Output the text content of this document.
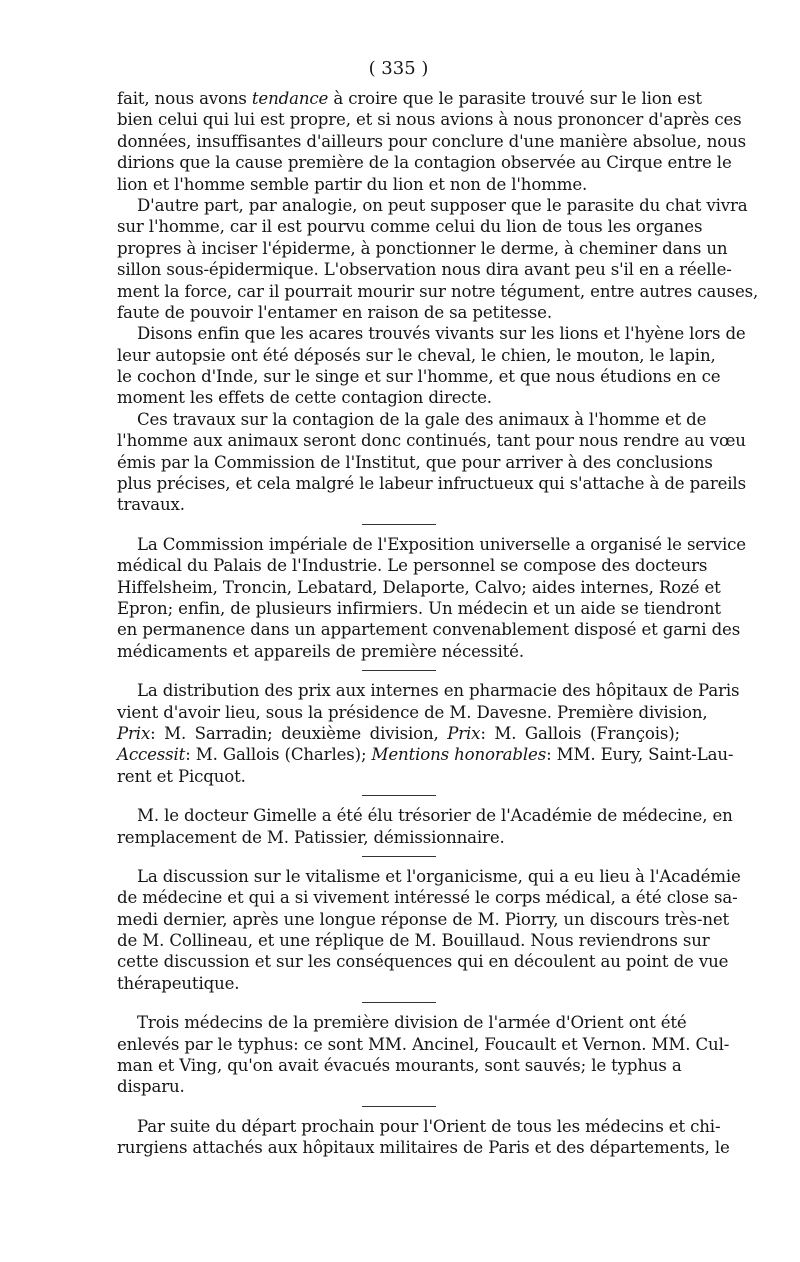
( 335 )
fait, nous avons tendance à croire que le parasite trouvé sur le lion est
bien celui qui lui est propre, et si nous avions à nous prononcer d'après ces
données, insuffisantes d'ailleurs pour conclure d'une manière absolue, nous
dirions que la cause première de la contagion observée au Cirque entre le
lion et l'homme semble partir du lion et non de l'homme.
D'autre part, par analogie, on peut supposer que le parasite du chat vivra
sur l'homme, car il est pourvu comme celui du lion de tous les organes
propres à inciser l'épiderme, à ponctionner le derme, à cheminer dans un
sillon sous-épidermique. L'observation nous dira avant peu s'il en a réelle-
ment la force, car il pourrait mourir sur notre tégument, entre autres causes,
faute de pouvoir l'entamer en raison de sa petitesse.
Disons enfin que les acares trouvés vivants sur les lions et l'hyène lors de
leur autopsie ont été déposés sur le cheval, le chien, le mouton, le lapin,
le cochon d'Inde, sur le singe et sur l'homme, et que nous étudions en ce
moment les effets de cette contagion directe.
Ces travaux sur la contagion de la gale des animaux à l'homme et de
l'homme aux animaux seront donc continués, tant pour nous rendre au vœu
émis par la Commission de l'Institut, que pour arriver à des conclusions
plus précises, et cela malgré le labeur infructueux qui s'attache à de pareils
travaux.
La Commission impériale de l'Exposition universelle a organisé le service
médical du Palais de l'Industrie. Le personnel se compose des docteurs
Hiffelsheim, Troncin, Lebatard, Delaporte, Calvo; aides internes, Rozé et
Epron; enfin, de plusieurs infirmiers. Un médecin et un aide se tiendront
en permanence dans un appartement convenablement disposé et garni des
médicaments et appareils de première nécessité.
La distribution des prix aux internes en pharmacie des hôpitaux de Paris
vient d'avoir lieu, sous la présidence de M. Davesne. Première division,
Prix: M. Sarradin; deuxième division, Prix: M. Gallois (François);
Accessit: M. Gallois (Charles); Mentions honorables: MM. Eury, Saint-Lau-
rent et Picquot.
M. le docteur Gimelle a été élu trésorier de l'Académie de médecine, en
remplacement de M. Patissier, démissionnaire.
La discussion sur le vitalisme et l'organicisme, qui a eu lieu à l'Académie
de médecine et qui a si vivement intéressé le corps médical, a été close sa-
medi dernier, après une longue réponse de M. Piorry, un discours très-net
de M. Collineau, et une réplique de M. Bouillaud. Nous reviendrons sur
cette discussion et sur les conséquences qui en découlent au point de vue
thérapeutique.
Trois médecins de la première division de l'armée d'Orient ont été
enlevés par le typhus: ce sont MM. Ancinel, Foucault et Vernon. MM. Cul-
man et Ving, qu'on avait évacués mourants, sont sauvés; le typhus a
disparu.
Par suite du départ prochain pour l'Orient de tous les médecins et chi-
rurgiens attachés aux hôpitaux militaires de Paris et des départements, le
